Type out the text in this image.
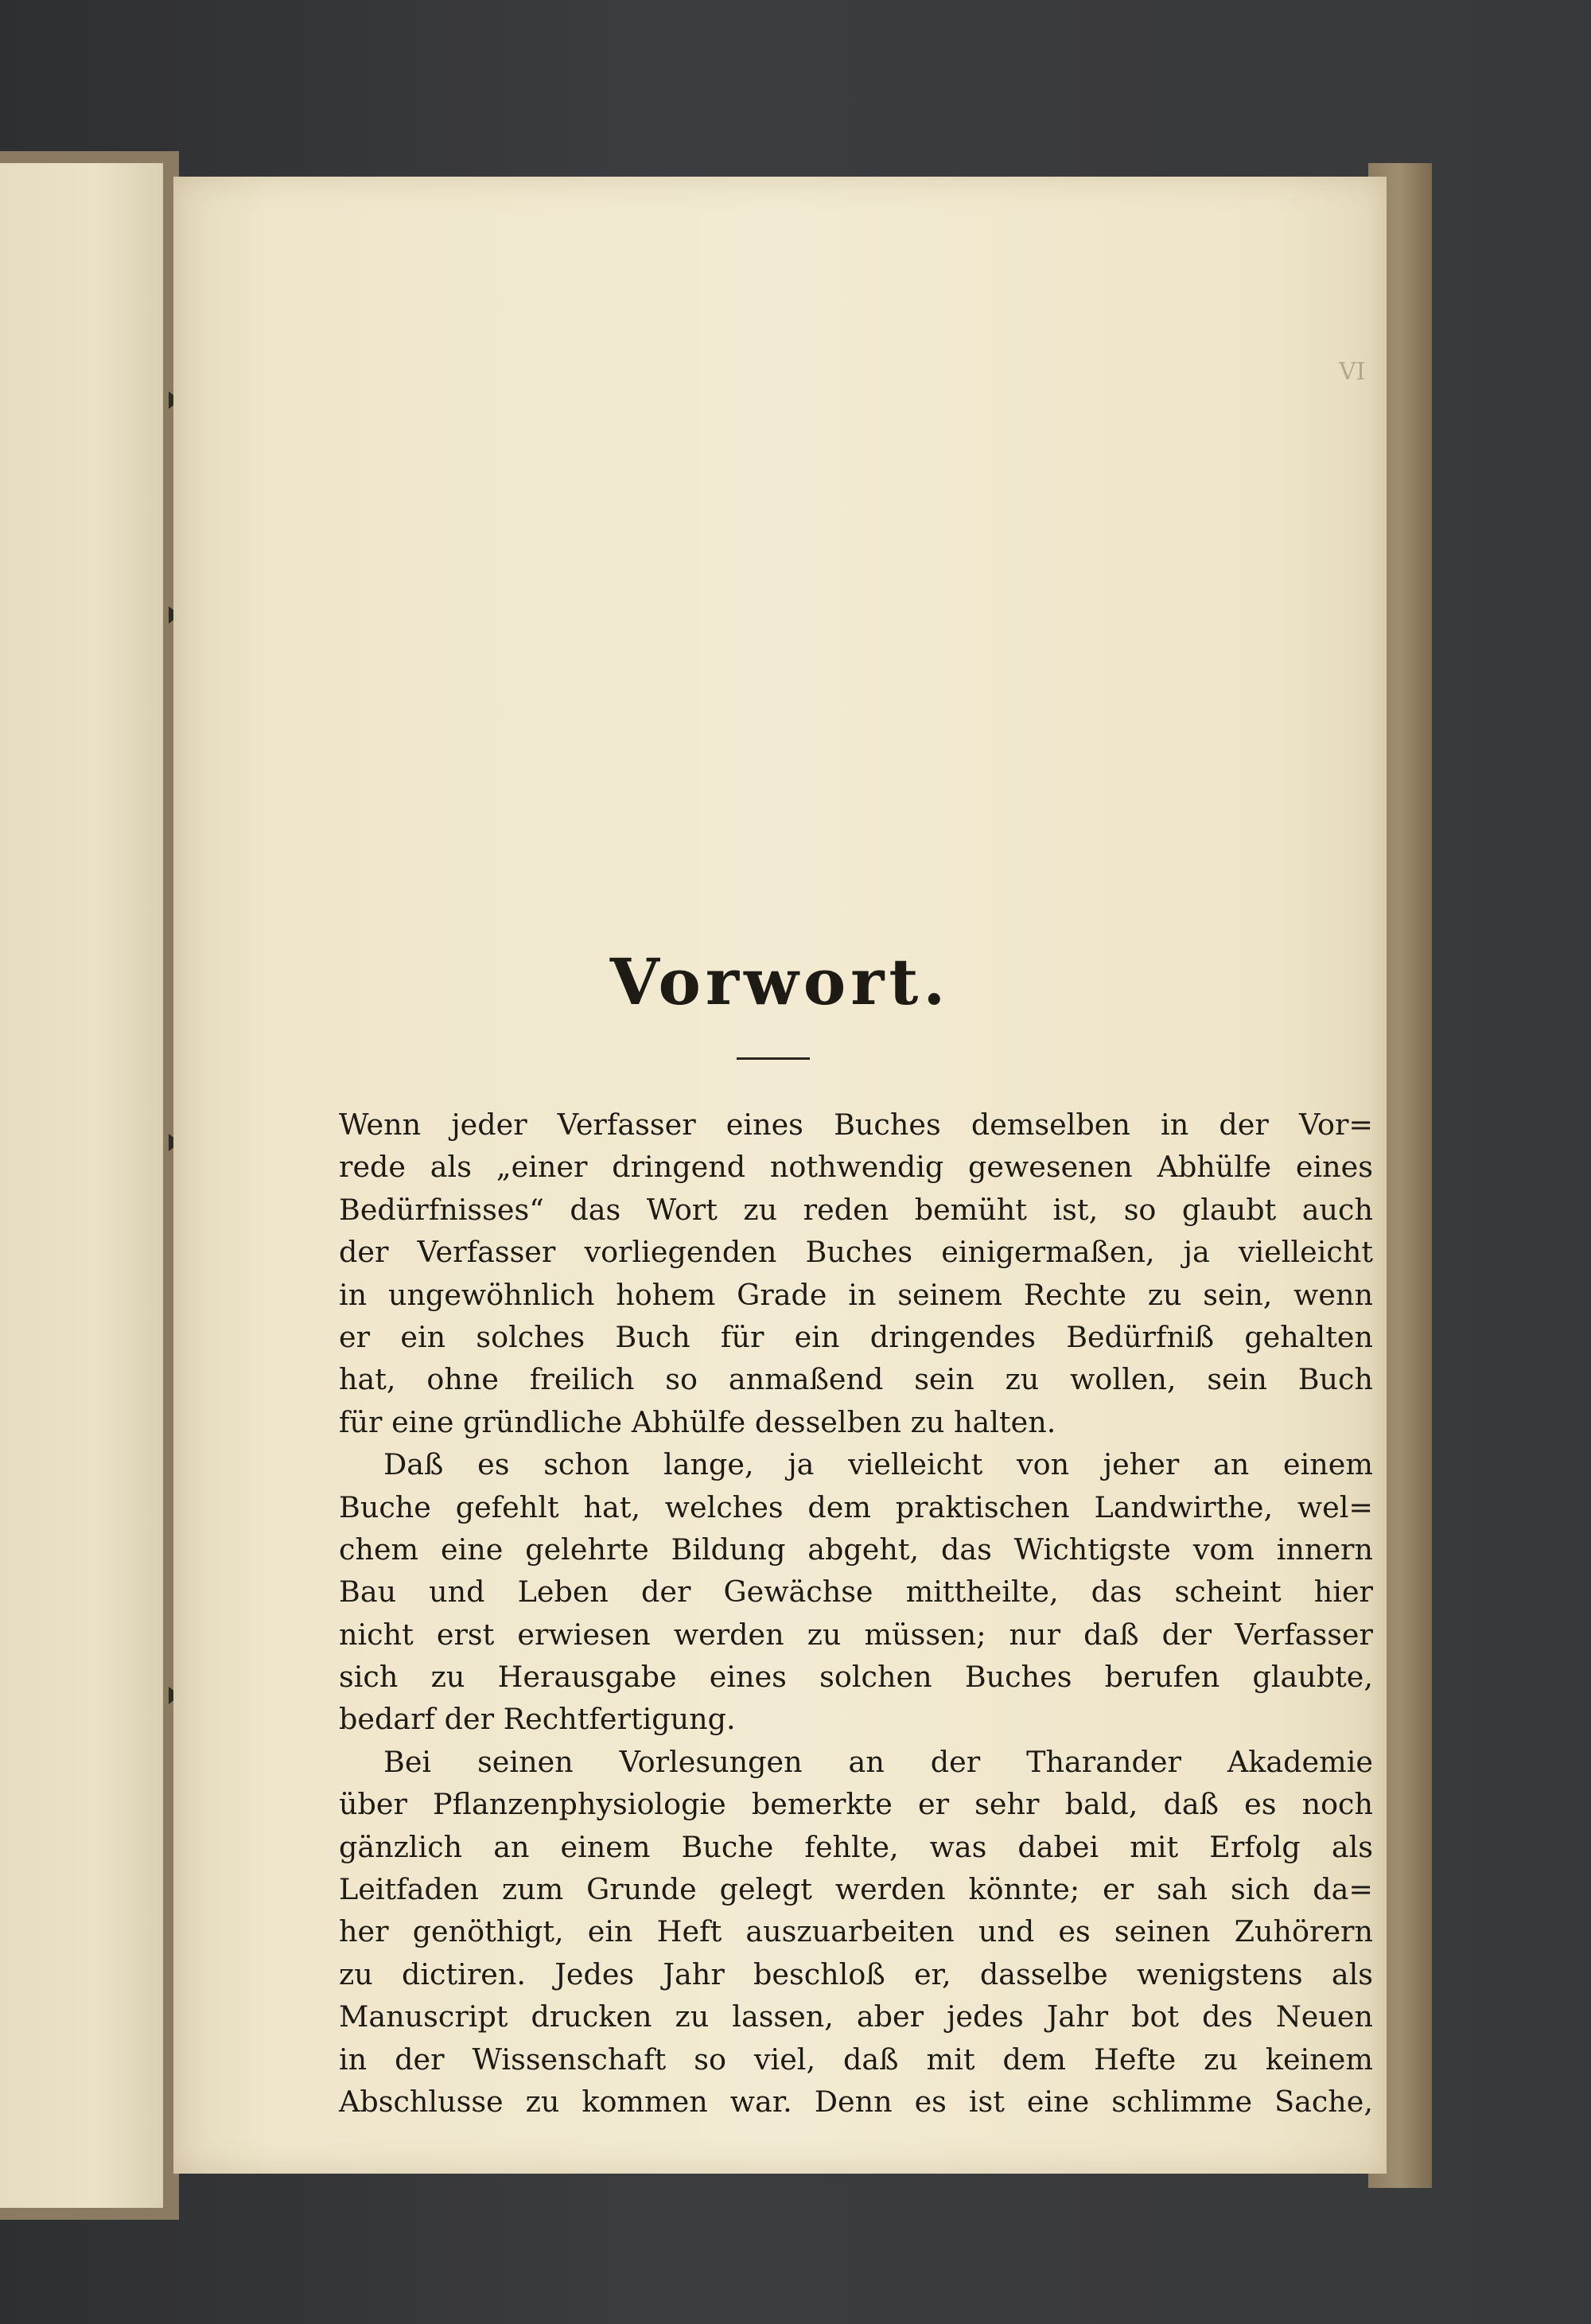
VI
Vorwort.
Wenn jeder Verfasser eines Buches demselben in der Vor=
rede als „einer dringend nothwendig gewesenen Abhülfe eines
Bedürfnisses“ das Wort zu reden bemüht ist, so glaubt auch
der Verfasser vorliegenden Buches einigermaßen, ja vielleicht
in ungewöhnlich hohem Grade in seinem Rechte zu sein, wenn
er ein solches Buch für ein dringendes Bedürfniß gehalten
hat, ohne freilich so anmaßend sein zu wollen, sein Buch
für eine gründliche Abhülfe desselben zu halten.
Daß es schon lange, ja vielleicht von jeher an einem
Buche gefehlt hat, welches dem praktischen Landwirthe, wel=
chem eine gelehrte Bildung abgeht, das Wichtigste vom innern
Bau und Leben der Gewächse mittheilte, das scheint hier
nicht erst erwiesen werden zu müssen; nur daß der Verfasser
sich zu Herausgabe eines solchen Buches berufen glaubte,
bedarf der Rechtfertigung.
Bei seinen Vorlesungen an der Tharander Akademie
über Pflanzenphysiologie bemerkte er sehr bald, daß es noch
gänzlich an einem Buche fehlte, was dabei mit Erfolg als
Leitfaden zum Grunde gelegt werden könnte; er sah sich da=
her genöthigt, ein Heft auszuarbeiten und es seinen Zuhörern
zu dictiren. Jedes Jahr beschloß er, dasselbe wenigstens als
Manuscript drucken zu lassen, aber jedes Jahr bot des Neuen
in der Wissenschaft so viel, daß mit dem Hefte zu keinem
Abschlusse zu kommen war. Denn es ist eine schlimme Sache,
